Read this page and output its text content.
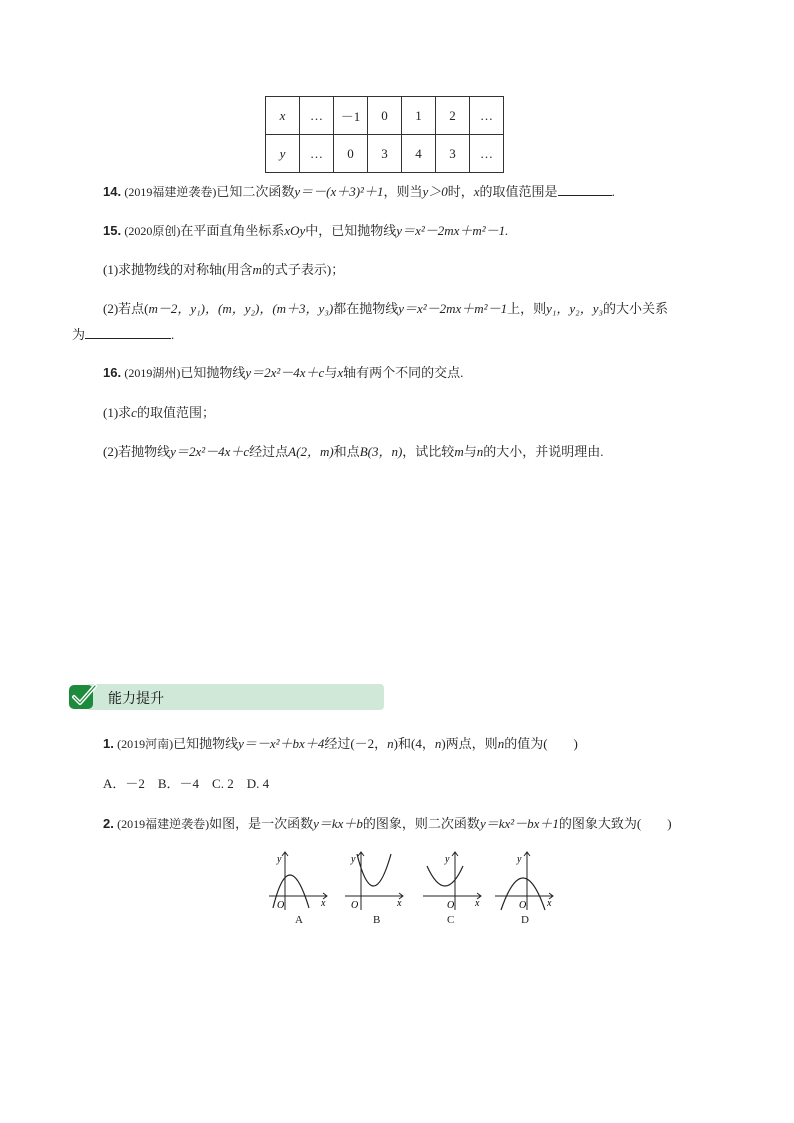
x	…	－1	0	1	2	…
y	…	0	3	4	3	…
14. (2019福建逆袭卷)已知二次函数y＝－(x＋3)²＋1，则当y＞0时，x的取值范围是	.
15. (2020原创)在平面直角坐标系xOy中，已知抛物线y＝x²－2mx＋m²－1.
(1)求抛物线的对称轴(用含m的式子表示)；
(2)若点(m－2，y₁)，(m，y₂)，(m＋3，y₃)都在抛物线y＝x²－2mx＋m²－1上，则y₁，y₂，y₃的大小关系
为	.
16. (2019湖州)已知抛物线y＝2x²－4x＋c与x轴有两个不同的交点.
(1)求c的取值范围；
(2)若抛物线y＝2x²－4x＋c经过点A(2，m)和点B(3，n)，试比较m与n的大小，并说明理由.
能力提升
1. (2019河南)已知抛物线y＝－x²＋bx＋4经过(－2，n)和(4，n)两点，则n的值为(　　)
A．－2　B．－4　C. 2　D. 4
2. (2019福建逆袭卷)如图，是一次函数y＝kx＋b的图象，则二次函数y＝kx²－bx＋1的图象大致为(　　)
y
x
O
A
y
x
O
B
y
x
O
C
y
x
O
D
